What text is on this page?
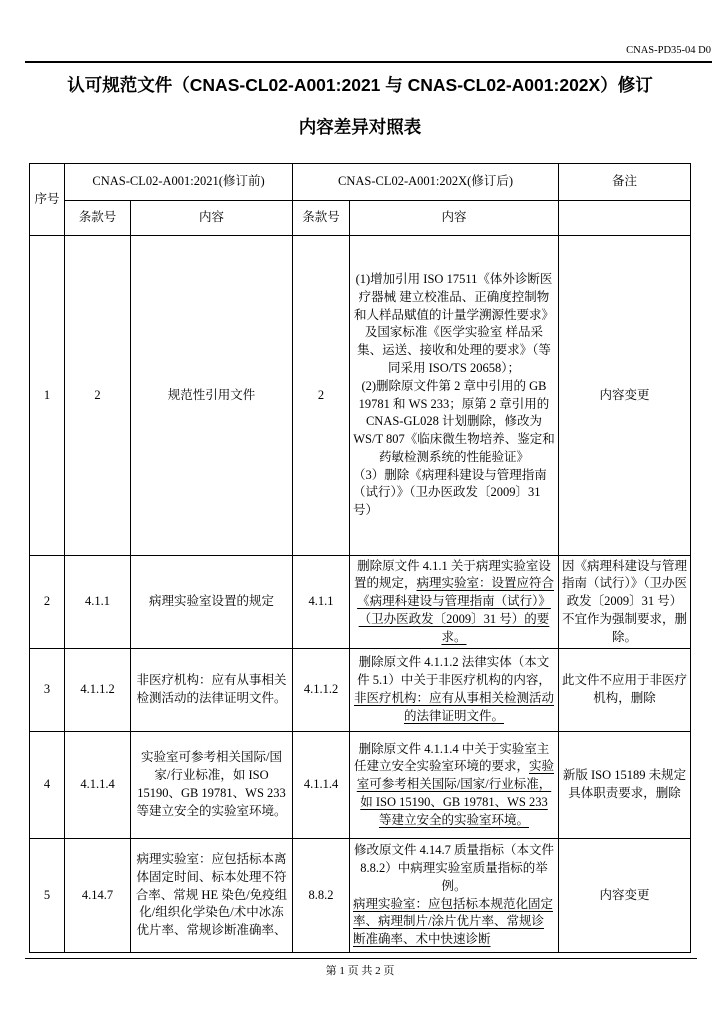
CNAS-PD35-04 D0
认可规范文件（CNAS-CL02-A001:2021 与 CNAS-CL02-A001:202X）修订
内容差异对照表
序号	CNAS-CL02-A001:2021(修订前)		CNAS-CL02-A001:202X(修订后)		备注
	条款号	内容	条款号	内容	

1	2	规范性引用文件	2	(1)增加引用 ISO 17511《体外诊断医疗器械 建立校准品、正确度控制物和人样品赋值的计量学溯源性要求》及国家标准《医学实验室 样品采集、运送、接收和处理的要求》（等同采用 ISO/TS 20658）；
(2)删除原文件第 2 章中引用的 GB 19781 和 WS 233；原第 2 章引用的 CNAS-GL028 计划删除，修改为 WS/T 807《临床微生物培养、鉴定和药敏检测系统的性能验证》
（3）删除《病理科建设与管理指南（试行）》（卫办医政发〔2009〕31 号）	内容变更

2	4.1.1	病理实验室设置的规定	4.1.1	删除原文件 4.1.1 关于病理实验室设置的规定，病理实验室：设置应符合《病理科建设与管理指南（试行）》（卫办医政发〔2009〕31 号）的要求。	因《病理科建设与管理指南（试行）》（卫办医政发〔2009〕31 号）不宜作为强制要求，删除。

3	4.1.1.2	非医疗机构：应有从事相关检测活动的法律证明文件。	4.1.1.2	删除原文件 4.1.1.2 法律实体（本文件 5.1）中关于非医疗机构的内容，非医疗机构：应有从事相关检测活动的法律证明文件。	此文件不应用于非医疗机构，删除

4	4.1.1.4	实验室可参考相关国际/国家/行业标准，如 ISO 15190、GB 19781、WS 233 等建立安全的实验室环境。	4.1.1.4	删除原文件 4.1.1.4 中关于实验室主任建立安全实验室环境的要求，实验室可参考相关国际/国家/行业标准，如 ISO 15190、GB 19781、WS 233 等建立安全的实验室环境。	新版 ISO 15189 未规定具体职责要求，删除

5	4.14.7	病理实验室：应包括标本离体固定时间、标本处理不符合率、常规 HE 染色/免疫组化/组织化学染色/术中冰冻优片率、常规诊断准确率、	8.8.2	修改原文件 4.14.7 质量指标（本文件 8.8.2）中病理实验室质量指标的举例。
病理实验室：应包括标本规范化固定率、病理制片/涂片优片率、常规诊断准确率、术中快速诊断	内容变更
第 1 页 共 2 页
